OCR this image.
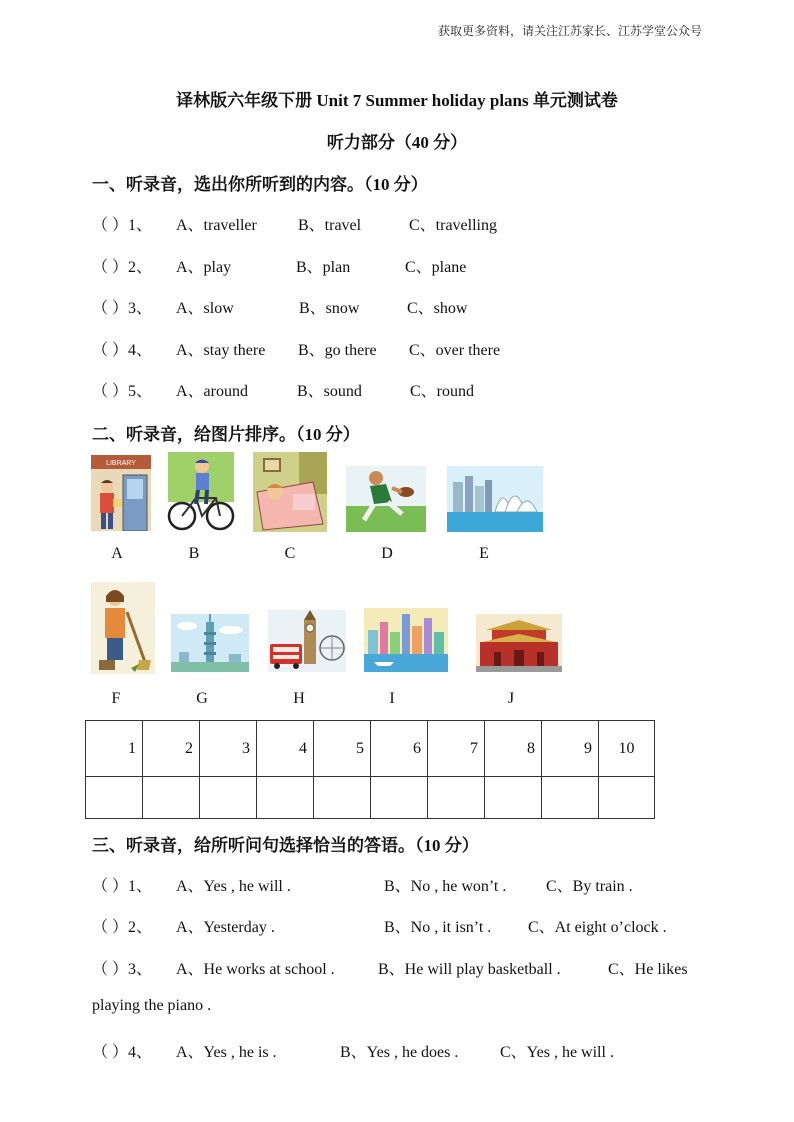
获取更多资料，请关注江苏家长、江苏学堂公众号
译林版六年级下册 Unit 7 Summer holiday plans 单元测试卷
听力部分（40 分）
一、听录音，选出你所听到的内容。（10 分）
（ ）1、 A、traveller	B、travel	C、travelling
（ ）2、 A、play	B、plan	C、plane
（ ）3、 A、slow	B、snow	C、show
（ ）4、 A、stay there B、go there C、over there
（ ）5、 A、around	B、sound	C、round
二、听录音，给图片排序。（10 分）
LIBRARY
A	B	C	D	E
F	G	H	I	J
1	2	3	4	5	6	7	8	9	10

三、听录音，给所听问句选择恰当的答语。（10 分）
（ ）1、 A、Yes , he will .	B、No , he won’t . C、By train .
（ ）2、 A、Yesterday .	B、No , it isn’t . C、At eight o’clock .
（ ）3、 A、He works at school .	B、He will play basketball .	C、He likes
playing the piano .
（ ）4、 A、Yes , he is .	B、Yes , he does .	C、Yes , he will .
